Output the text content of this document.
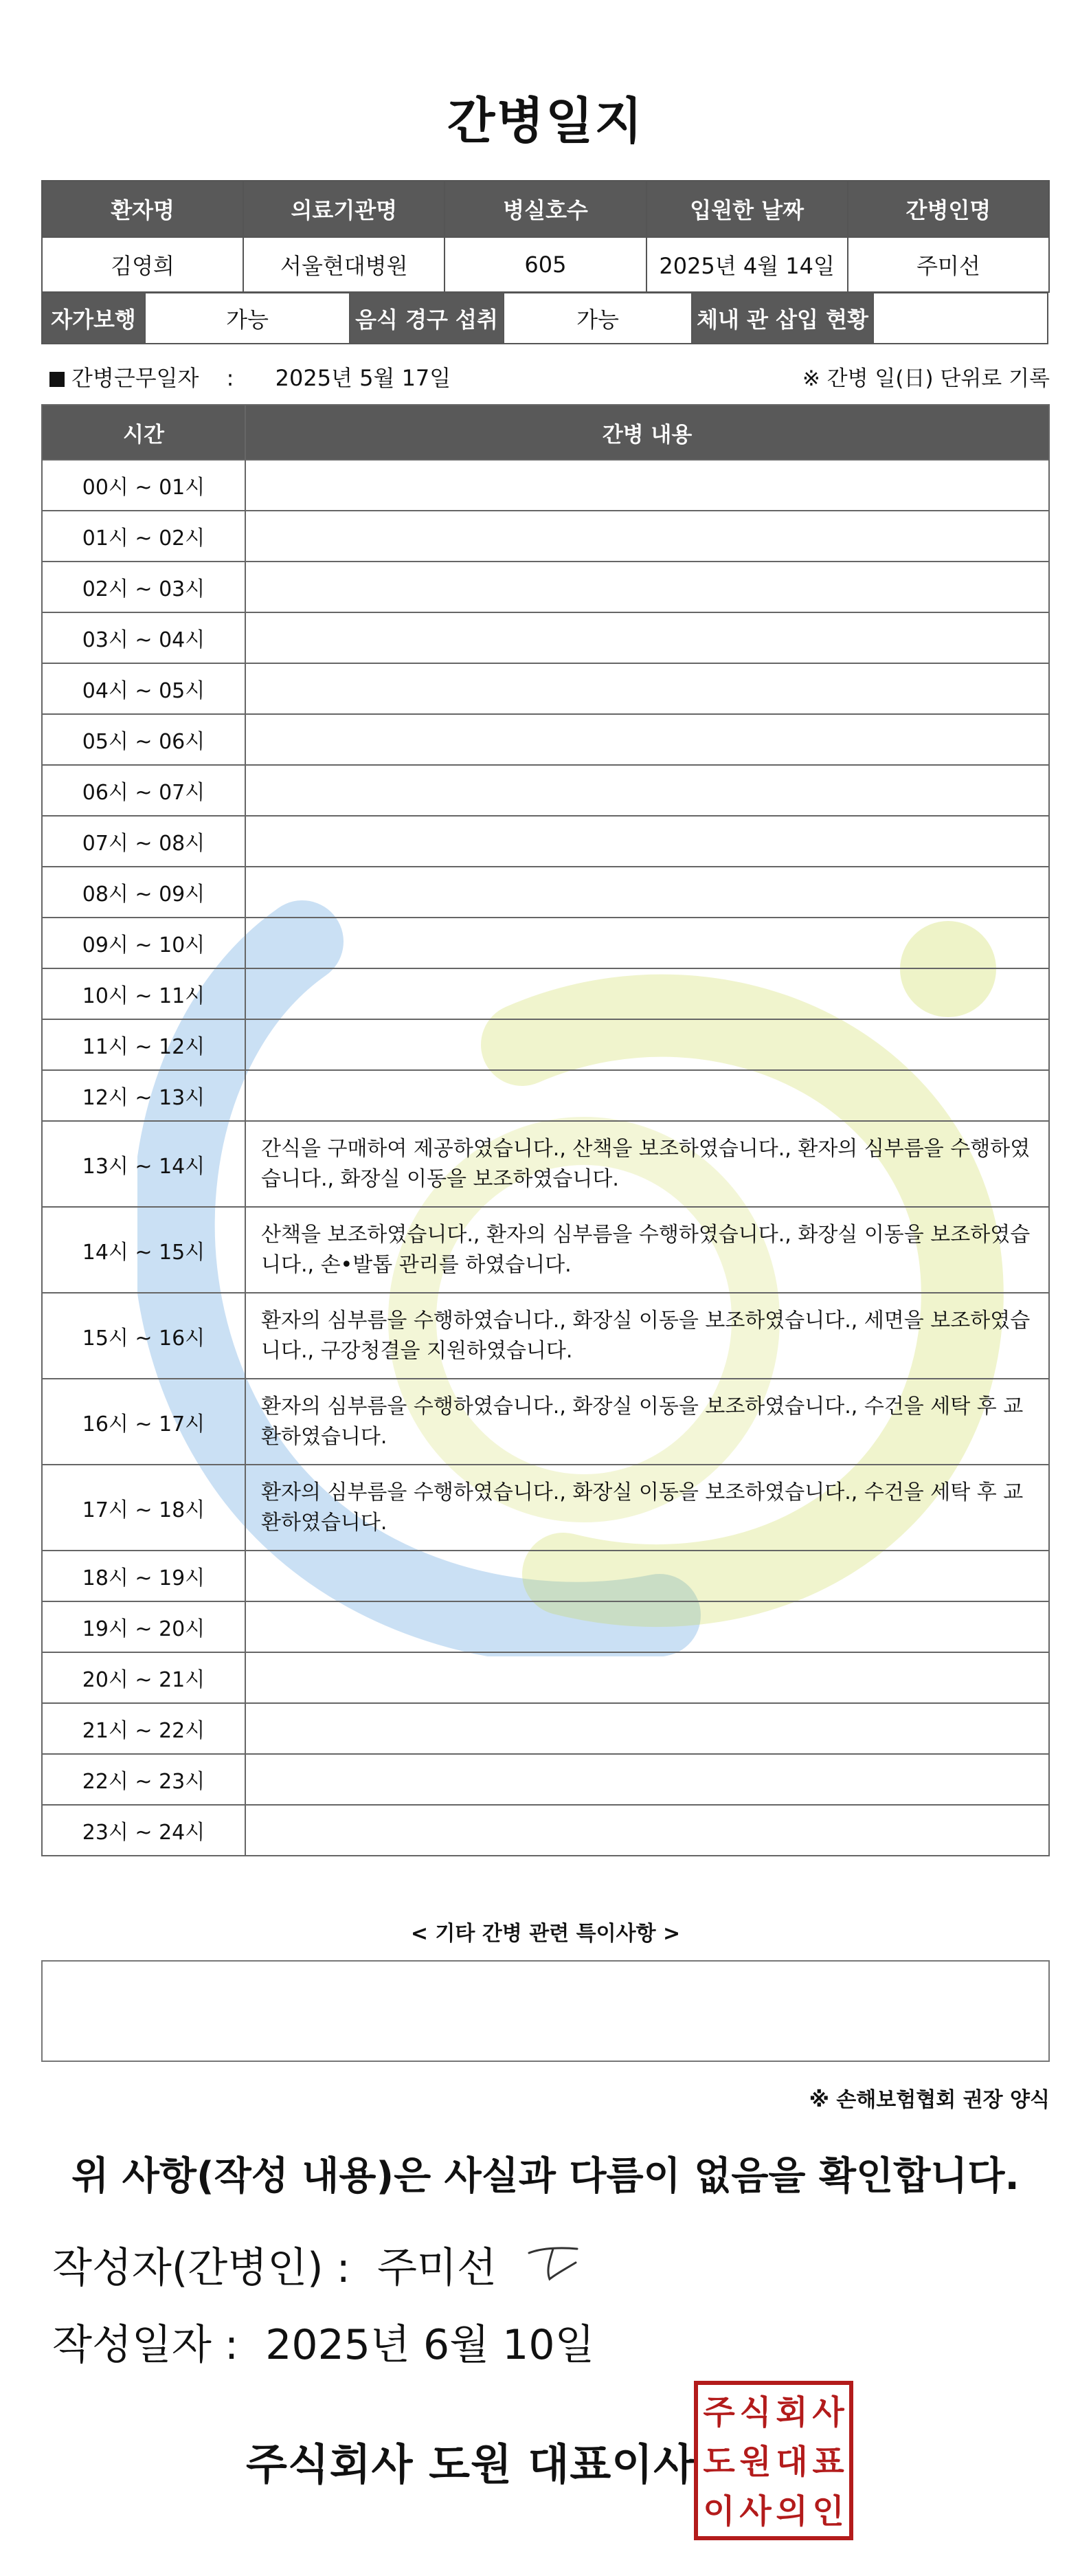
간병일지
환자명	의료기관명	병실호수	입원한 날짜	간병인명
김영희	서울현대병원	605	2025년 4월 14일	주미선
자가보행	가능	음식 경구 섭취	가능	체내 관 삽입 현황
간병근무일자 : 2025년 5월 17일	※ 간병 일(日) 단위로 기록
시간	간병 내용
00시 ~ 01시	
01시 ~ 02시	
02시 ~ 03시	
03시 ~ 04시	
04시 ~ 05시	
05시 ~ 06시	
06시 ~ 07시	
07시 ~ 08시	
08시 ~ 09시	
09시 ~ 10시	
10시 ~ 11시	
11시 ~ 12시	
12시 ~ 13시	
13시 ~ 14시	간식을 구매하여 제공하였습니다., 산책을 보조하였습니다., 환자의 심부름을 수행하였습니다., 화장실 이동을 보조하였습니다.
14시 ~ 15시	산책을 보조하였습니다., 환자의 심부름을 수행하였습니다., 화장실 이동을 보조하였습니다., 손•발톱 관리를 하였습니다.
15시 ~ 16시	환자의 심부름을 수행하였습니다., 화장실 이동을 보조하였습니다., 세면을 보조하였습니다., 구강청결을 지원하였습니다.
16시 ~ 17시	환자의 심부름을 수행하였습니다., 화장실 이동을 보조하였습니다., 수건을 세탁 후 교환하였습니다.
17시 ~ 18시	환자의 심부름을 수행하였습니다., 화장실 이동을 보조하였습니다., 수건을 세탁 후 교환하였습니다.
18시 ~ 19시	
19시 ~ 20시	
20시 ~ 21시	
21시 ~ 22시	
22시 ~ 23시	
23시 ~ 24시	
< 기타 간병 관련 특이사항 >
※ 손해보험협회 권장 양식
위 사항(작성 내용)은 사실과 다름이 없음을 확인합니다.
작성자(간병인) : 주미선
작성일자 : 2025년 6월 10일
주식회사 도원 대표이사
주 식 회 사
도 원 대 표
이 사 의 인
